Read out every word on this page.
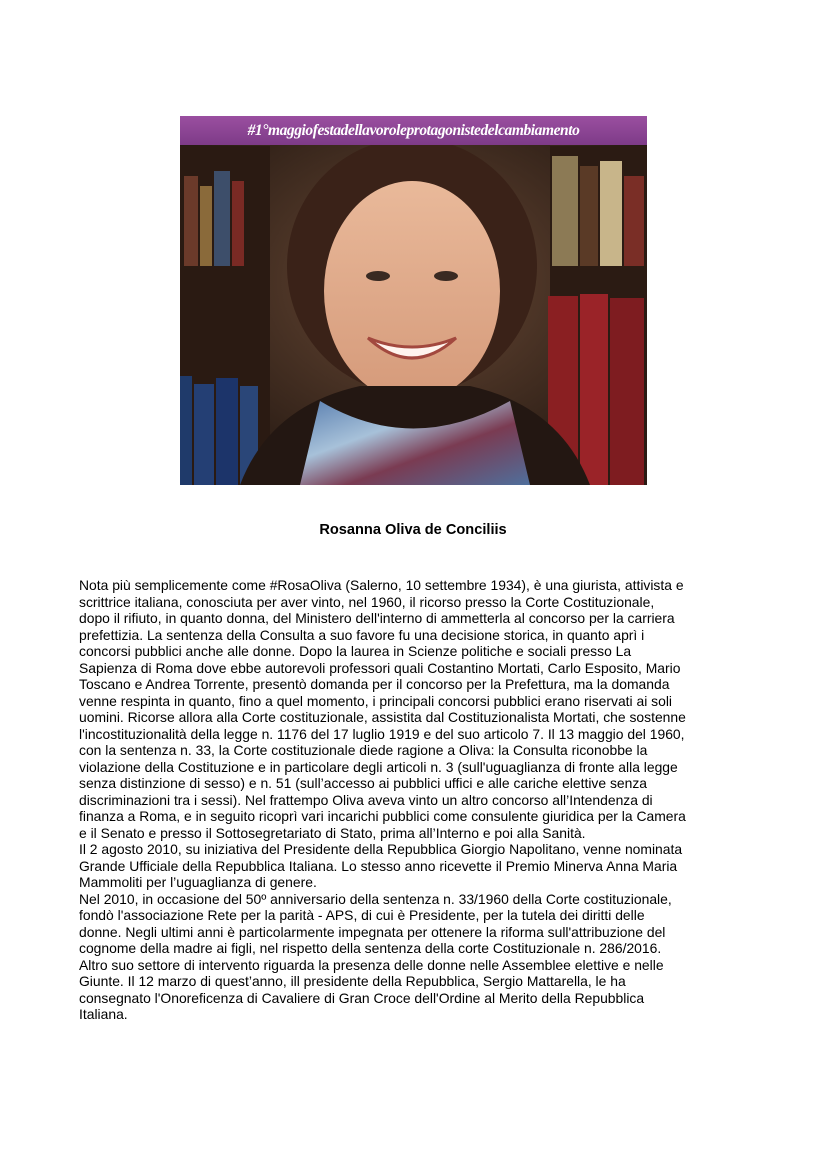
#1°maggiofestadellavoroleprotagonistedelcambiamento
Rosanna Oliva de Conciliis

Nota più semplicemente come #RosaOliva (Salerno, 10 settembre 1934), è una giurista, attivista e

scrittrice italiana, conosciuta per aver vinto, nel 1960, il ricorso presso la Corte Costituzionale,

dopo il rifiuto, in quanto donna, del Ministero dell'interno di ammetterla al concorso per la carriera

prefettizia. La sentenza della Consulta a suo favore fu una decisione storica, in quanto aprì i

concorsi pubblici anche alle donne. Dopo la laurea in Scienze politiche e sociali presso La

Sapienza di Roma dove ebbe autorevoli professori quali Costantino Mortati, Carlo Esposito, Mario

Toscano e Andrea Torrente, presentò domanda per il concorso per la Prefettura, ma la domanda

venne respinta in quanto, fino a quel momento, i principali concorsi pubblici erano riservati ai soli

uomini. Ricorse allora alla Corte costituzionale, assistita dal Costituzionalista Mortati, che sostenne

l'incostituzionalità della legge n. 1176 del 17 luglio 1919 e del suo articolo 7. Il 13 maggio del 1960,

con la sentenza n. 33, la Corte costituzionale diede ragione a Oliva: la Consulta riconobbe la

violazione della Costituzione e in particolare degli articoli n. 3 (sull'uguaglianza di fronte alla legge

senza distinzione di sesso) e n. 51 (sull’accesso ai pubblici uffici e alle cariche elettive senza

discriminazioni tra i sessi). Nel frattempo Oliva aveva vinto un altro concorso all’Intendenza di

finanza a Roma, e in seguito ricoprì vari incarichi pubblici come consulente giuridica per la Camera

e il Senato e presso il Sottosegretariato di Stato, prima all’Interno e poi alla Sanità.

Il 2 agosto 2010, su iniziativa del Presidente della Repubblica Giorgio Napolitano, venne nominata

Grande Ufficiale della Repubblica Italiana. Lo stesso anno ricevette il Premio Minerva Anna Maria

Mammoliti per l’uguaglianza di genere.

Nel 2010, in occasione del 50º anniversario della sentenza n. 33/1960 della Corte costituzionale,

fondò l'associazione Rete per la parità - APS, di cui è Presidente, per la tutela dei diritti delle

donne. Negli ultimi anni è particolarmente impegnata per ottenere la riforma sull'attribuzione del

cognome della madre ai figli, nel rispetto della sentenza della corte Costituzionale n. 286/2016.

Altro suo settore di intervento riguarda la presenza delle donne nelle Assemblee elettive e nelle

Giunte. Il 12 marzo di quest’anno, ill presidente della Repubblica, Sergio Mattarella, le ha

consegnato l'Onoreficenza di Cavaliere di Gran Croce dell'Ordine al Merito della Repubblica

Italiana.
